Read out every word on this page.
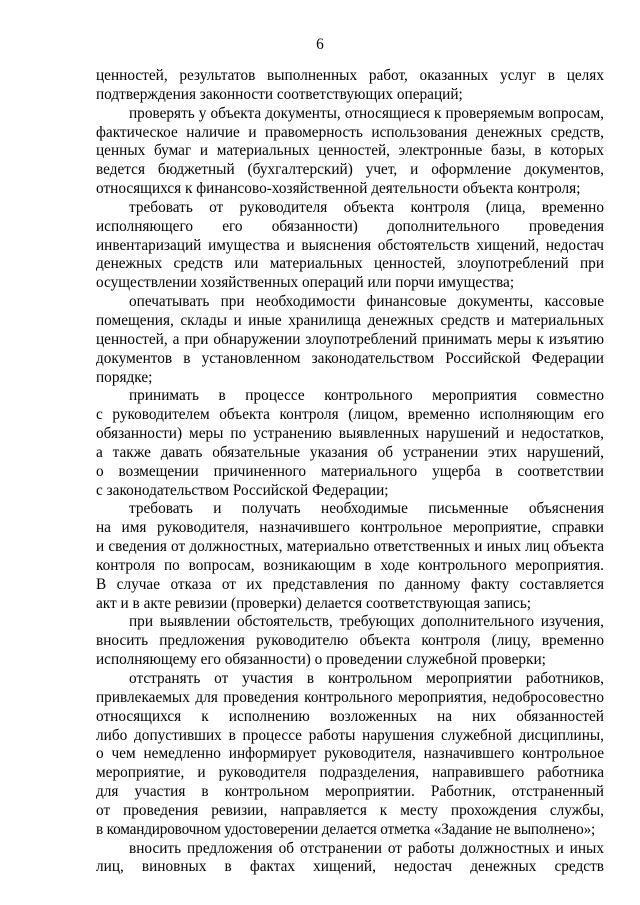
6
ценностей, результатов выполненных работ, оказанных услуг в целях
подтверждения законности соответствующих операций;
проверять у объекта документы, относящиеся к проверяемым вопросам,
фактическое наличие и правомерность использования денежных средств,
ценных бумаг и материальных ценностей, электронные базы, в которых
ведется бюджетный (бухгалтерский) учет, и оформление документов,
относящихся к финансово-хозяйственной деятельности объекта контроля;
требовать от руководителя объекта контроля (лица, временно
исполняющего его обязанности) дополнительного проведения
инвентаризаций имущества и выяснения обстоятельств хищений, недостач
денежных средств или материальных ценностей, злоупотреблений при
осуществлении хозяйственных операций или порчи имущества;
опечатывать при необходимости финансовые документы, кассовые
помещения, склады и иные хранилища денежных средств и материальных
ценностей, а при обнаружении злоупотреблений принимать меры к изъятию
документов в установленном законодательством Российской Федерации
порядке;
принимать в процессе контрольного мероприятия совместно
с руководителем объекта контроля (лицом, временно исполняющим его
обязанности) меры по устранению выявленных нарушений и недостатков,
а также давать обязательные указания об устранении этих нарушений,
о возмещении причиненного материального ущерба в соответствии
с законодательством Российской Федерации;
требовать и получать необходимые письменные объяснения
на имя руководителя, назначившего контрольное мероприятие, справки
и сведения от должностных, материально ответственных и иных лиц объекта
контроля по вопросам, возникающим в ходе контрольного мероприятия.
В случае отказа от их представления по данному факту составляется
акт и в акте ревизии (проверки) делается соответствующая запись;
при выявлении обстоятельств, требующих дополнительного изучения,
вносить предложения руководителю объекта контроля (лицу, временно
исполняющему его обязанности) о проведении служебной проверки;
отстранять от участия в контрольном мероприятии работников,
привлекаемых для проведения контрольного мероприятия, недобросовестно
относящихся к исполнению возложенных на них обязанностей
либо допустивших в процессе работы нарушения служебной дисциплины,
о чем немедленно информирует руководителя, назначившего контрольное
мероприятие, и руководителя подразделения, направившего работника
для участия в контрольном мероприятии. Работник, отстраненный
от проведения ревизии, направляется к месту прохождения службы,
в командировочном удостоверении делается отметка «Задание не выполнено»;
вносить предложения об отстранении от работы должностных и иных
лиц, виновных в фактах хищений, недостач денежных средств
